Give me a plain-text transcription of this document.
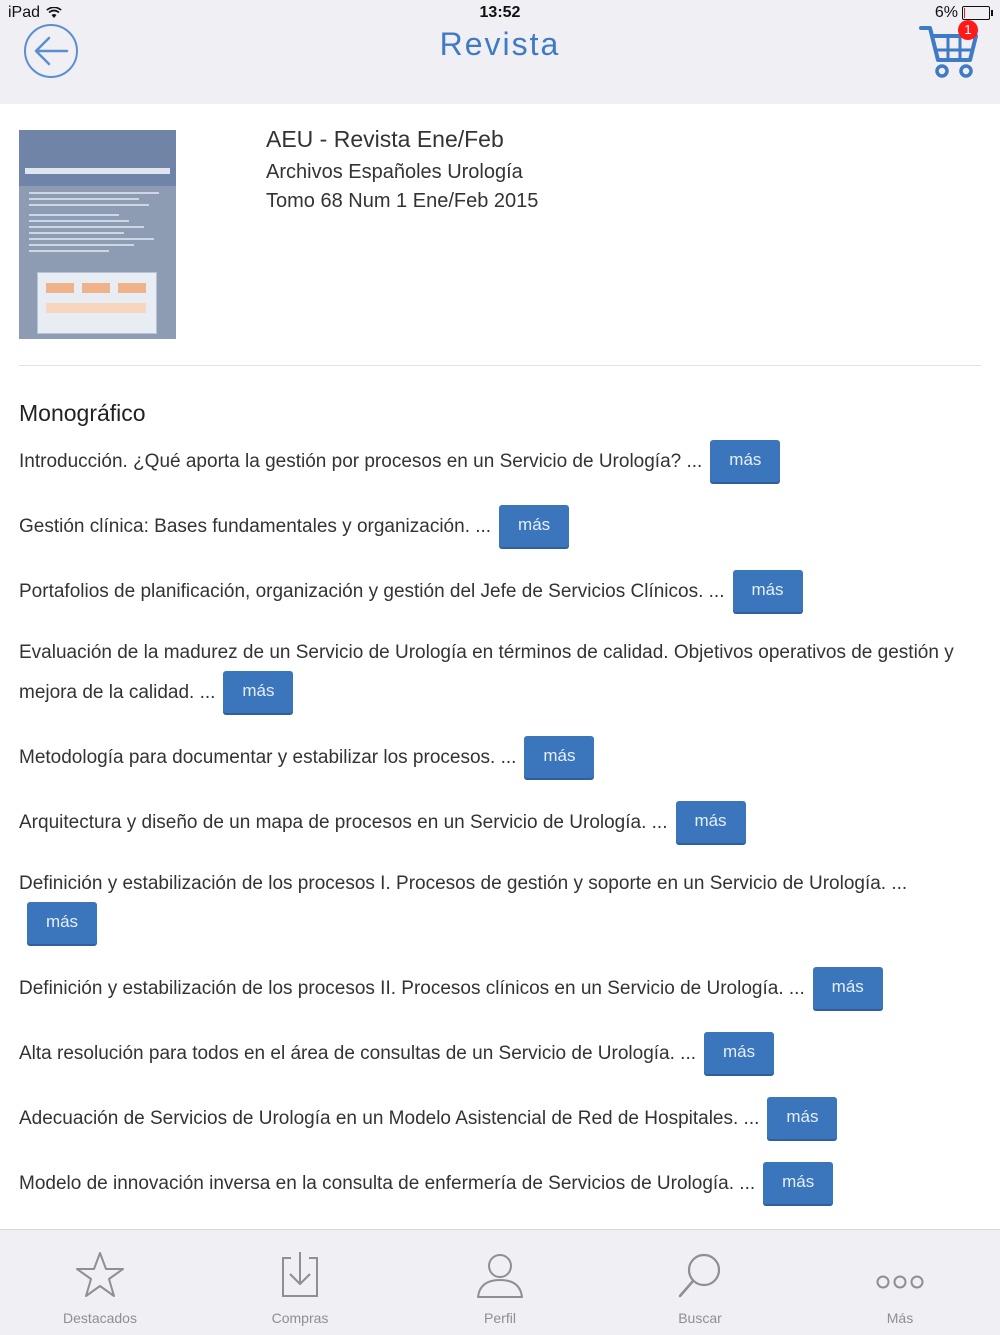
iPad	13:52	6%
Revista	1
AEU - Revista Ene/Feb
Archivos Españoles Urología
Tomo 68 Num 1 Ene/Feb 2015
Monográfico
Introducción. ¿Qué aporta la gestión por procesos en un Servicio de Urología? ... más
Gestión clínica: Bases fundamentales y organización. ... más
Portafolios de planificación, organización y gestión del Jefe de Servicios Clínicos. ... más
Evaluación de la madurez de un Servicio de Urología en términos de calidad. Objetivos operativos de gestión y mejora de la calidad. ... más
Metodología para documentar y estabilizar los procesos. ... más
Arquitectura y diseño de un mapa de procesos en un Servicio de Urología. ... más
Definición y estabilización de los procesos I. Procesos de gestión y soporte en un Servicio de Urología. ...más
Definición y estabilización de los procesos II. Procesos clínicos en un Servicio de Urología. ... más
Alta resolución para todos en el área de consultas de un Servicio de Urología. ... más
Adecuación de Servicios de Urología en un Modelo Asistencial de Red de Hospitales. ... más
Modelo de innovación inversa en la consulta de enfermería de Servicios de Urología. ... más
Destacados	Compras	Perfil	Buscar	Más
